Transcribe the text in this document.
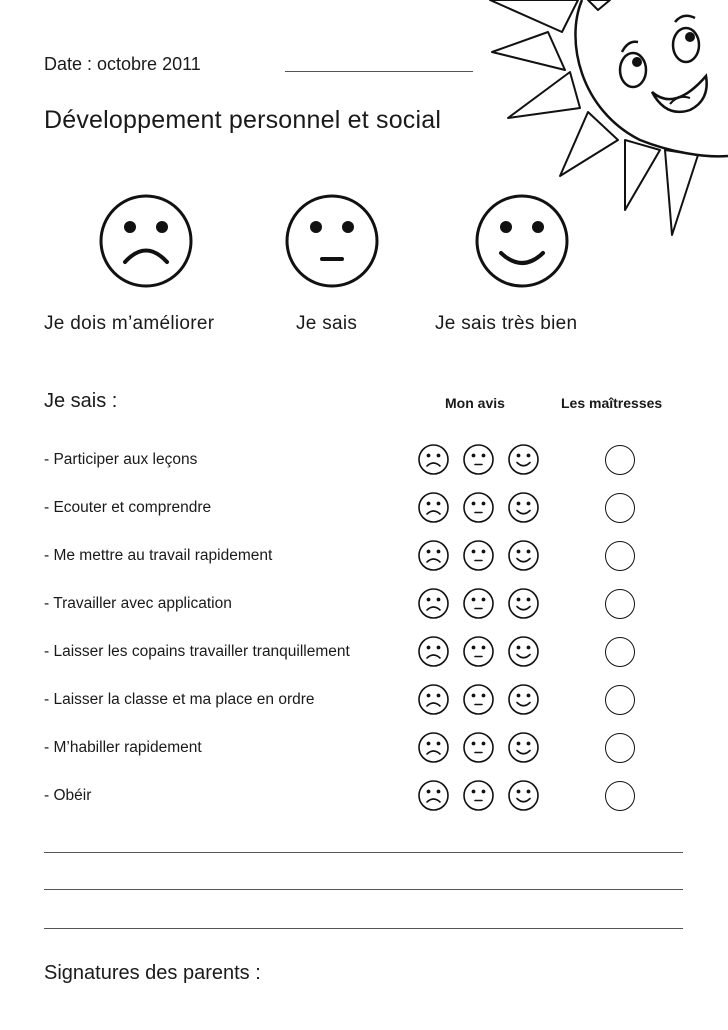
Date : octobre 2011
Développement personnel et social
Je dois m’améliorer	Je sais	Je sais très bien
Je sais :	Mon avis	Les maîtresses
- Participer aux leçons
- Ecouter et comprendre
- Me mettre au travail rapidement
- Travailler avec application
- Laisser les copains travailler tranquillement
- Laisser la classe et ma place en ordre
- M’habiller rapidement
- Obéir
Signatures des parents :
